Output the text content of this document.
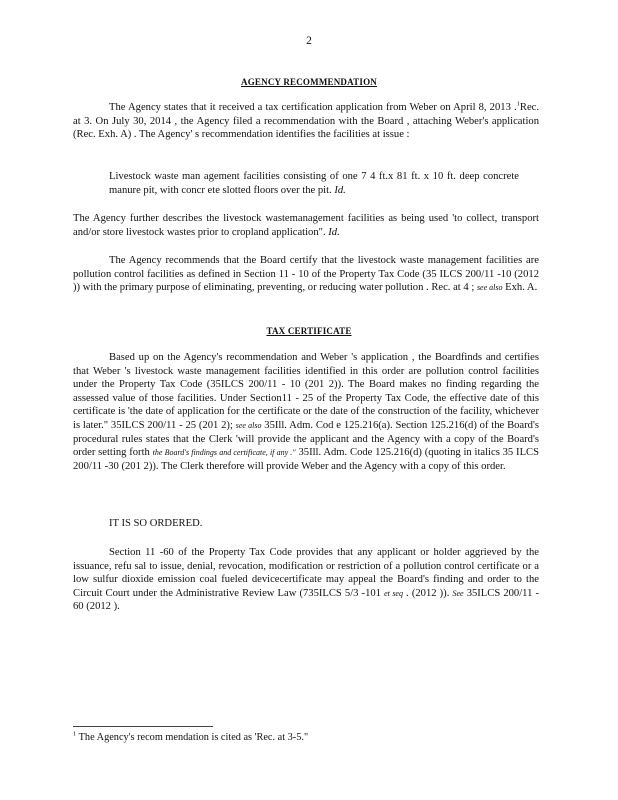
2
AGENCY RECOMMENDATION

The Agency states that it received a tax certification application from Weber on April 8, 2013 .$^1$Rec. at 3. On July 30, 2014 , the Agency filed a recommendation with the Board , attaching Weber's application (Rec. Exh. A) . The Agency' s recommendation identifies the facilities at issue :

Livestock waste man agement facilities consisting of one 7 4 ft.x 81 ft. x 10 ft. deep concrete manure pit, with concr ete slotted floors over the pit. Id.

The Agency further describes the livestock wastemanagement facilities as being used 'to collect, transport and/or store livestock wastes prior to cropland application". Id.

The Agency recommends that the Board certify that the livestock waste management facilities are pollution control facilities as defined in Section 11 - 10 of the Property Tax Code (35 ILCS 200/11 -10 (2012 )) with the primary purpose of eliminating, preventing, or reducing water pollution . Rec. at 4 ; see also Exh. A.

TAX CERTIFICATE

Based up on the Agency's recommendation and Weber 's application , the Boardfinds and certifies that Weber 's livestock waste management facilities identified in this order are pollution control facilities under the Property Tax Code (35ILCS 200/11 - 10 (201 2)). The Board makes no finding regarding the assessed value of those facilities. Under Section11 - 25 of the Property Tax Code, the effective date of this certificate is 'the date of application for the certificate or the date of the construction of the facility, whichever is later." 35ILCS 200/11 - 25 (201 2); see also 35Ill. Adm. Cod e 125.216(a). Section 125.216(d) of the Board's procedural rules states that the Clerk 'will provide the applicant and the Agency with a copy of the Board's order setting forth the Board's findings and certificate, if any ." 35Ill. Adm. Code 125.216(d) (quoting in italics 35 ILCS 200/11 -30 (201 2)). The Clerk therefore will provide Weber and the Agency with a copy of this order.

IT IS SO ORDERED.

Section 11 -60 of the Property Tax Code provides that any applicant or holder aggrieved by the issuance, refu sal to issue, denial, revocation, modification or restriction of a pollution control certificate or a low sulfur dioxide emission coal fueled devicecertificate may appeal the Board's finding and order to the Circuit Court under the Administrative Review Law (735ILCS 5/3 -101 et seq . (2012 )). See 35ILCS 200/11 - 60 (2012 ).

$^1$ The Agency's recom mendation is cited as 'Rec. at 3-5."
